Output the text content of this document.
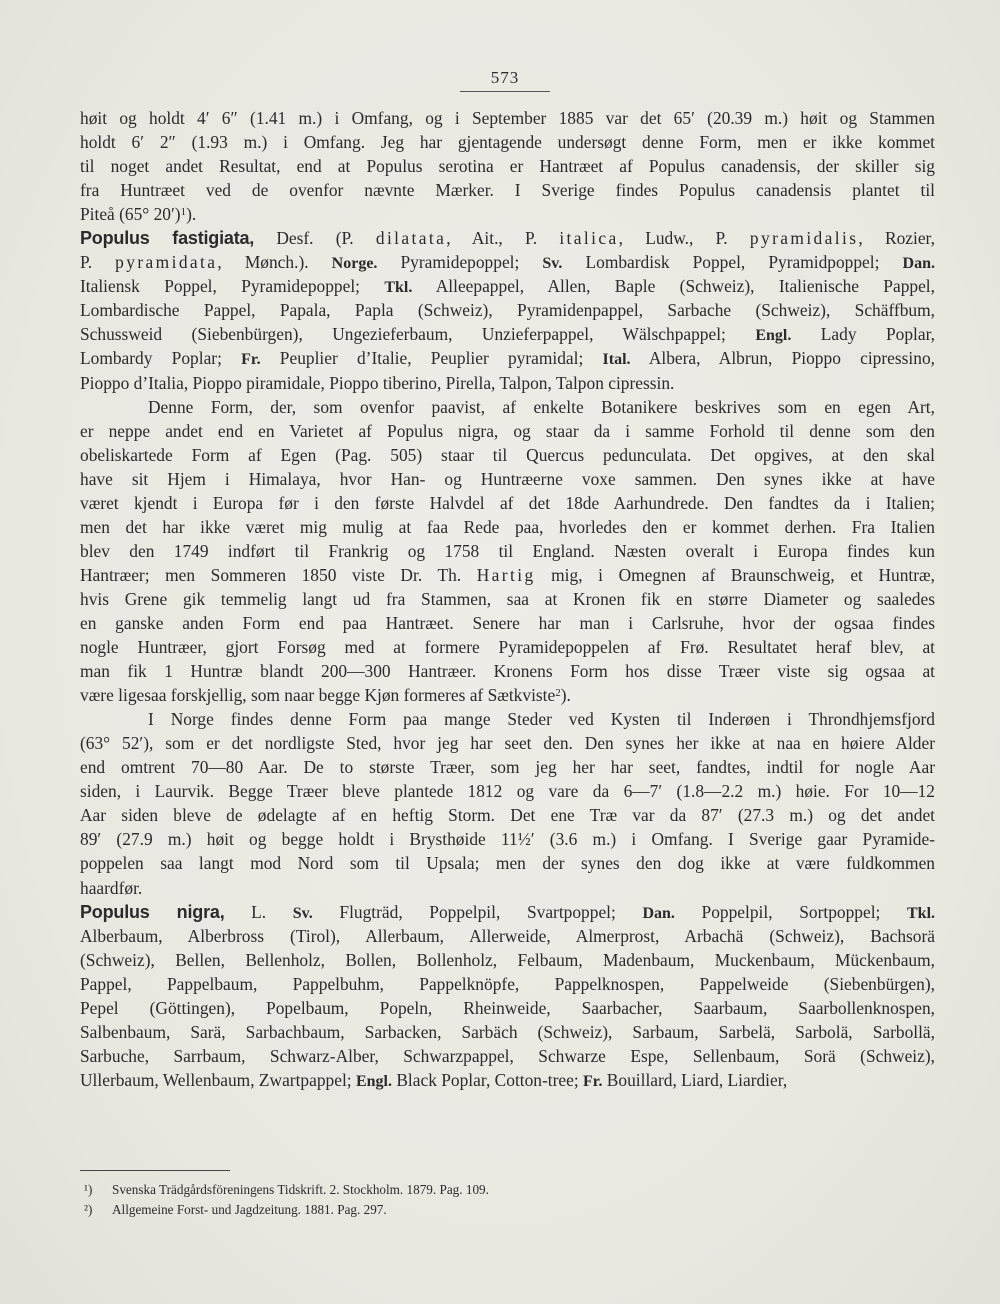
573
høit og holdt 4′ 6″ (1.41 m.) i Omfang, og i September 1885 var det 65′ (20.39 m.) høit og Stammen
holdt 6′ 2″ (1.93 m.) i Omfang. Jeg har gjentagende undersøgt denne Form, men er ikke kommet
til noget andet Resultat, end at Populus serotina er Hantræet af Populus canadensis, der skiller sig
fra Huntræet ved de ovenfor nævnte Mærker. I Sverige findes Populus canadensis plantet til
Piteå (65° 20′)$^1$).
Populus fastigiata, Desf. (P. dilatata, Ait., P. italica, Ludw., P. pyramidalis, Rozier,
P. pyramidata, Mønch.). Norge. Pyramidepoppel; Sv. Lombardisk Poppel, Pyramidpoppel; Dan.
Italiensk Poppel, Pyramidepoppel; Tkl. Alleepappel, Allen, Baple (Schweiz), Italienische Pappel,
Lombardische Pappel, Papala, Papla (Schweiz), Pyramidenpappel, Sarbache (Schweiz), Schäffbum,
Schussweid (Siebenbürgen), Ungezieferbaum, Unzieferpappel, Wälschpappel; Engl. Lady Poplar,
Lombardy Poplar; Fr. Peuplier d’Italie, Peuplier pyramidal; Ital. Albera, Albrun, Pioppo cipressino,
Pioppo d’Italia, Pioppo piramidale, Pioppo tiberino, Pirella, Talpon, Talpon cipressin.
Denne Form, der, som ovenfor paavist, af enkelte Botanikere beskrives som en egen Art,
er neppe andet end en Varietet af Populus nigra, og staar da i samme Forhold til denne som den
obeliskartede Form af Egen (Pag. 505) staar til Quercus pedunculata. Det opgives, at den skal
have sit Hjem i Himalaya, hvor Han- og Huntræerne voxe sammen. Den synes ikke at have
været kjendt i Europa før i den første Halvdel af det 18de Aarhundrede. Den fandtes da i Italien;
men det har ikke været mig mulig at faa Rede paa, hvorledes den er kommet derhen. Fra Italien
blev den 1749 indført til Frankrig og 1758 til England. Næsten overalt i Europa findes kun
Hantræer; men Sommeren 1850 viste Dr. Th. Hartig mig, i Omegnen af Braunschweig, et Huntræ,
hvis Grene gik temmelig langt ud fra Stammen, saa at Kronen fik en større Diameter og saaledes
en ganske anden Form end paa Hantræet. Senere har man i Carlsruhe, hvor der ogsaa findes
nogle Huntræer, gjort Forsøg med at formere Pyramidepoppelen af Frø. Resultatet heraf blev, at
man fik 1 Huntræ blandt 200—300 Hantræer. Kronens Form hos disse Træer viste sig ogsaa at
være ligesaa forskjellig, som naar begge Kjøn formeres af Sætkviste$^2$).
I Norge findes denne Form paa mange Steder ved Kysten til Inderøen i Throndhjemsfjord
(63° 52′), som er det nordligste Sted, hvor jeg har seet den. Den synes her ikke at naa en høiere Alder
end omtrent 70—80 Aar. De to største Træer, som jeg her har seet, fandtes, indtil for nogle Aar
siden, i Laurvik. Begge Træer bleve plantede 1812 og vare da 6—7′ (1.8—2.2 m.) høie. For 10—12
Aar siden bleve de ødelagte af en heftig Storm. Det ene Træ var da 87′ (27.3 m.) og det andet
89′ (27.9 m.) høit og begge holdt i Brysthøide 11½′ (3.6 m.) i Omfang. I Sverige gaar Pyramide-
poppelen saa langt mod Nord som til Upsala; men der synes den dog ikke at være fuldkommen
haardfør.
Populus nigra, L. Sv. Flugträd, Poppelpil, Svartpoppel; Dan. Poppelpil, Sortpoppel; Tkl.
Alberbaum, Alberbross (Tirol), Allerbaum, Allerweide, Almerprost, Arbachä (Schweiz), Bachsorä
(Schweiz), Bellen, Bellenholz, Bollen, Bollenholz, Felbaum, Madenbaum, Muckenbaum, Mückenbaum,
Pappel, Pappelbaum, Pappelbuhm, Pappelknöpfe, Pappelknospen, Pappelweide (Siebenbürgen),
Pepel (Göttingen), Popelbaum, Popeln, Rheinweide, Saarbacher, Saarbaum, Saarbollenknospen,
Salbenbaum, Sarä, Sarbachbaum, Sarbacken, Sarbäch (Schweiz), Sarbaum, Sarbelä, Sarbolä, Sarbollä,
Sarbuche, Sarrbaum, Schwarz-Alber, Schwarzpappel, Schwarze Espe, Sellenbaum, Sorä (Schweiz),
Ullerbaum, Wellenbaum, Zwartpappel; Engl. Black Poplar, Cotton-tree; Fr. Bouillard, Liard, Liardier,
¹) Svenska Trädgårdsföreningens Tidskrift. 2. Stockholm. 1879. Pag. 109.
²) Allgemeine Forst- und Jagdzeitung. 1881. Pag. 297.
